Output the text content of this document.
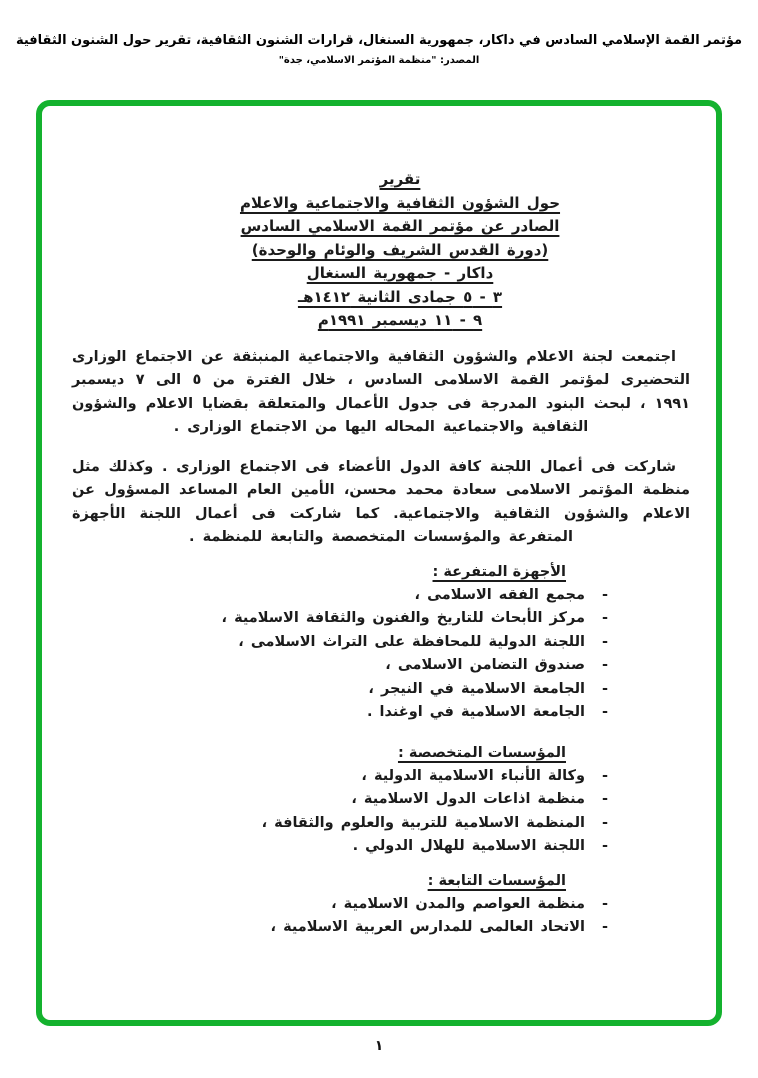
مؤتمر القمة الإسلامي السادس في داكار، جمهورية السنغال، قرارات الشنون الثقافية، تقرير حول الشنون الثقافية
المصدر: "منظمة المؤتمر الاسلامي، جدة"
تقرير
حول الشؤون الثقافية والاجتماعية والاعلام
الصادر عن مؤتمر القمة الاسلامي السادس
(دورة القدس الشريف والوئام والوحدة)
داكار - جمهورية السنغال
٣ - ٥ جمادى الثانية ١٤١٢هـ
٩ - ١١ ديسمبر ١٩٩١م

اجتمعت لجنة الاعلام والشؤون الثقافية والاجتماعية المنبثقة عن الاجتماع الوزارى التحضيرى لمؤتمر القمة الاسلامى السادس ، خلال الفترة من ٥ الى ٧ ديسمبر ١٩٩١ ، لبحث البنود المدرجة فى جدول الأعمال والمتعلقة بقضايا الاعلام والشؤون الثقافية والاجتماعية المحاله اليها من الاجتماع الوزارى .

شاركت فى أعمال اللجنة كافة الدول الأعضاء فى الاجتماع الوزارى . وكذلك مثل منظمة المؤتمر الاسلامى سعادة محمد محسن، الأمين العام المساعد المسؤول عن الاعلام والشؤون الثقافية والاجتماعية. كما شاركت فى أعمال اللجنة الأجهزة المتفرعة والمؤسسات المتخصصة والتابعة للمنظمة .

الأجهزة المتفرعة :
-
مجمع الفقه الاسلامى ،
-
مركز الأبحاث للتاريخ والفنون والثقافة الاسلامية ،
-
اللجنة الدولية للمحافظة على التراث الاسلامى ،
-
صندوق التضامن الاسلامى ،
-
الجامعة الاسلامية في النيجر ،
-
الجامعة الاسلامية في اوغندا .
المؤسسات المتخصصة :
-
وكالة الأنباء الاسلامية الدولية ،
-
منظمة اذاعات الدول الاسلامية ،
-
المنظمة الاسلامية للتربية والعلوم والثقافة ،
-
اللجنة الاسلامية للهلال الدولي .
المؤسسات التابعة :
-
منظمة العواصم والمدن الاسلامية ،
-
الاتحاد العالمى للمدارس العربية الاسلامية ،
١
